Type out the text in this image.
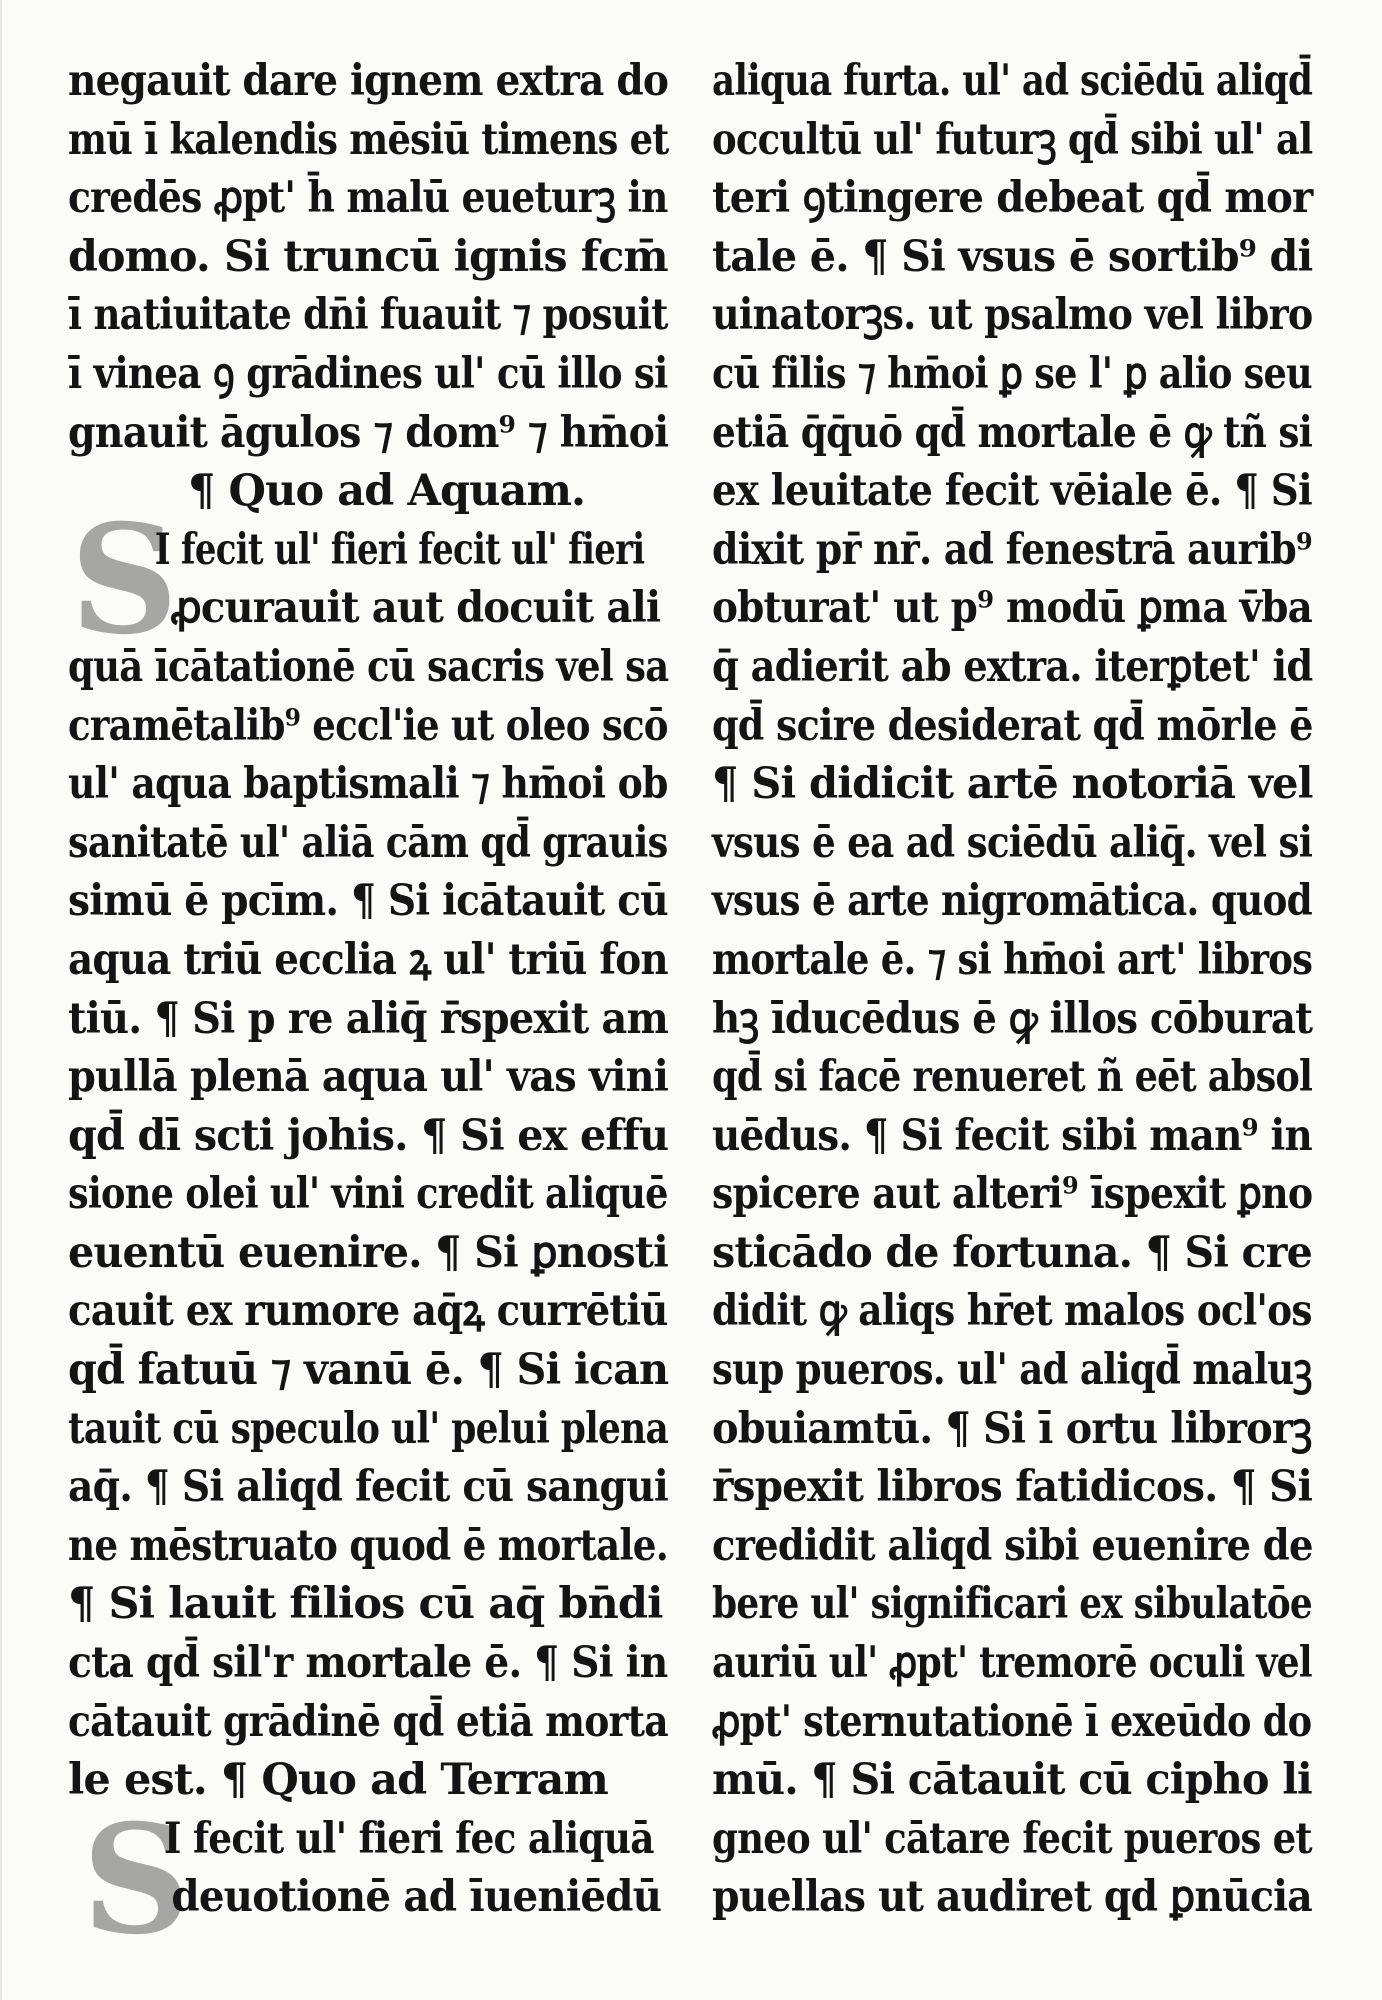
S
S
negauit dare ignem extra do
mū ī kalendis mēsiū timens et
credēs ꝓpt' h̄ malū eueturꝫ in
domo. Si truncū ignis fcm̄
ī natiuitate dn̄i fuauit ⁊ posuit
ī vinea ꝯ grādines ul' cū illo si
gnauit āgulos ⁊ dom⁹ ⁊ hm̄oi
¶ Quo ad Aquam.
I fecit ul' fieri fecit ul' fieri
ꝓcurauit aut docuit ali
quā īcātationē cū sacris vel sa
cramētalib⁹ eccl'ie ut oleo scō
ul' aqua baptismali ⁊ hm̄oi ob
sanitatē ul' aliā cām qd̄ grauis
simū ē pcīm. ¶ Si icātauit cū
aqua triū ecclia ꝝ ul' triū fon
tiū. ¶ Si p re aliq̄ r̄spexit am
pullā plenā aqua ul' vas vini
qd̄ dī scti johis. ¶ Si ex effu
sione olei ul' vini credit aliquē
euentū euenire. ¶ Si ꝑnosti
cauit ex rumore aq̄ꝝ currētiū
qd̄ fatuū ⁊ vanū ē. ¶ Si ican
tauit cū speculo ul' pelui plena
aq̄. ¶ Si aliqd fecit cū sangui
ne mēstruato quod ē mortale.
¶ Si lauit filios cū aq̄ bn̄di
cta qd̄ sil'r mortale ē. ¶ Si in
cātauit grādinē qd̄ etiā morta
le est. ¶ Quo ad Terram
I fecit ul' fieri fec aliquā
deuotionē ad īueniēdū
aliqua furta. ul' ad sciēdū aliqd̄
occultū ul' futurꝫ qd̄ sibi ul' al
teri ꝯtingere debeat qd̄ mor
tale ē. ¶ Si vsus ē sortib⁹ di
uinatorꝫs. ut psalmo vel libro
cū filis ⁊ hm̄oi ꝑ se l' ꝑ alio seu
etiā q̄q̄uō qd̄ mortale ē ꝙ tñ si
ex leuitate fecit vēiale ē. ¶ Si
dixit pr̄ nr̄. ad fenestrā aurib⁹
obturat' ut p⁹ modū ꝑma v̄ba
q̄ adierit ab extra. iterꝑtet' id
qd̄ scire desiderat qd̄ mōrle ē
¶ Si didicit artē notoriā vel
vsus ē ea ad sciēdū aliq̄. vel si
vsus ē arte nigromātica. quod
mortale ē. ⁊ si hm̄oi art' libros
hꝫ īducēdus ē ꝙ illos cōburat
qd̄ si facē renueret ñ eēt absol
uēdus. ¶ Si fecit sibi man⁹ in
spicere aut alteri⁹ īspexit ꝑno
sticādo de fortuna. ¶ Si cre
didit ꝙ aliqs hr̄et malos ocl'os
sup pueros. ul' ad aliqd̄ maluꝫ
obuiamtū. ¶ Si ī ortu librorꝫ
r̄spexit libros fatidicos. ¶ Si
credidit aliqd sibi euenire de
bere ul' significari ex sibulatōe
auriū ul' ꝓpt' tremorē oculi vel
ꝓpt' sternutationē ī exeūdo do
mū. ¶ Si cātauit cū cipho li
gneo ul' cātare fecit pueros et
puellas ut audiret qd ꝑnūcia
